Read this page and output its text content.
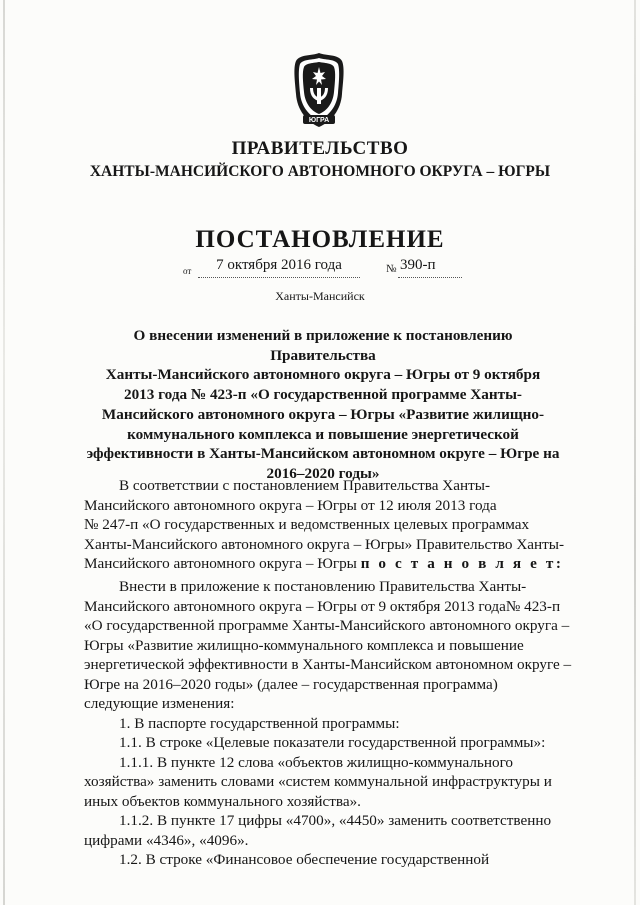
ЮГРА
ПРАВИТЕЛЬСТВО
ХАНТЫ-МАНСИЙСКОГО АВТОНОМНОГО ОКРУГА – ЮГРЫ
ПОСТАНОВЛЕНИЕ
от	7 октября 2016 года	№ 390-п
Ханты-Мансийск
О внесении изменений в приложение к постановлению Правительства
Ханты-Мансийского автономного округа – Югры от 9 октября
2013 года № 423-п «О государственной программе Ханты-
Мансийского автономного округа – Югры «Развитие жилищно-
коммунального комплекса и повышение энергетической
эффективности в Ханты-Мансийском автономном округе – Югре на
2016–2020 годы»

В соответствии с постановлением Правительства Ханты-

Мансийского автономного округа – Югры от 12 июля 2013 года

№ 247-п «О государственных и ведомственных целевых программах

Ханты-Мансийского автономного округа – Югры» Правительство Ханты-

Мансийского автономного округа – Югры п о с т а н о в л я е т:

Внести в приложение к постановлению Правительства Ханты-

Мансийского автономного округа – Югры от 9 октября 2013 года№ 423-п

«О государственной программе Ханты-Мансийского автономного округа –

Югры «Развитие жилищно-коммунального комплекса и повышение

энергетической эффективности в Ханты-Мансийском автономном округе –

Югре на 2016–2020 годы» (далее – государственная программа)

следующие изменения:

1. В паспорте государственной программы:

1.1. В строке «Целевые показатели государственной программы»:

1.1.1. В пункте 12 слова «объектов жилищно-коммунального

хозяйства» заменить словами «систем коммунальной инфраструктуры и

иных объектов коммунального хозяйства».

1.1.2. В пункте 17 цифры «4700», «4450» заменить соответственно

цифрами «4346», «4096».

1.2. В строке «Финансовое обеспечение государственной
